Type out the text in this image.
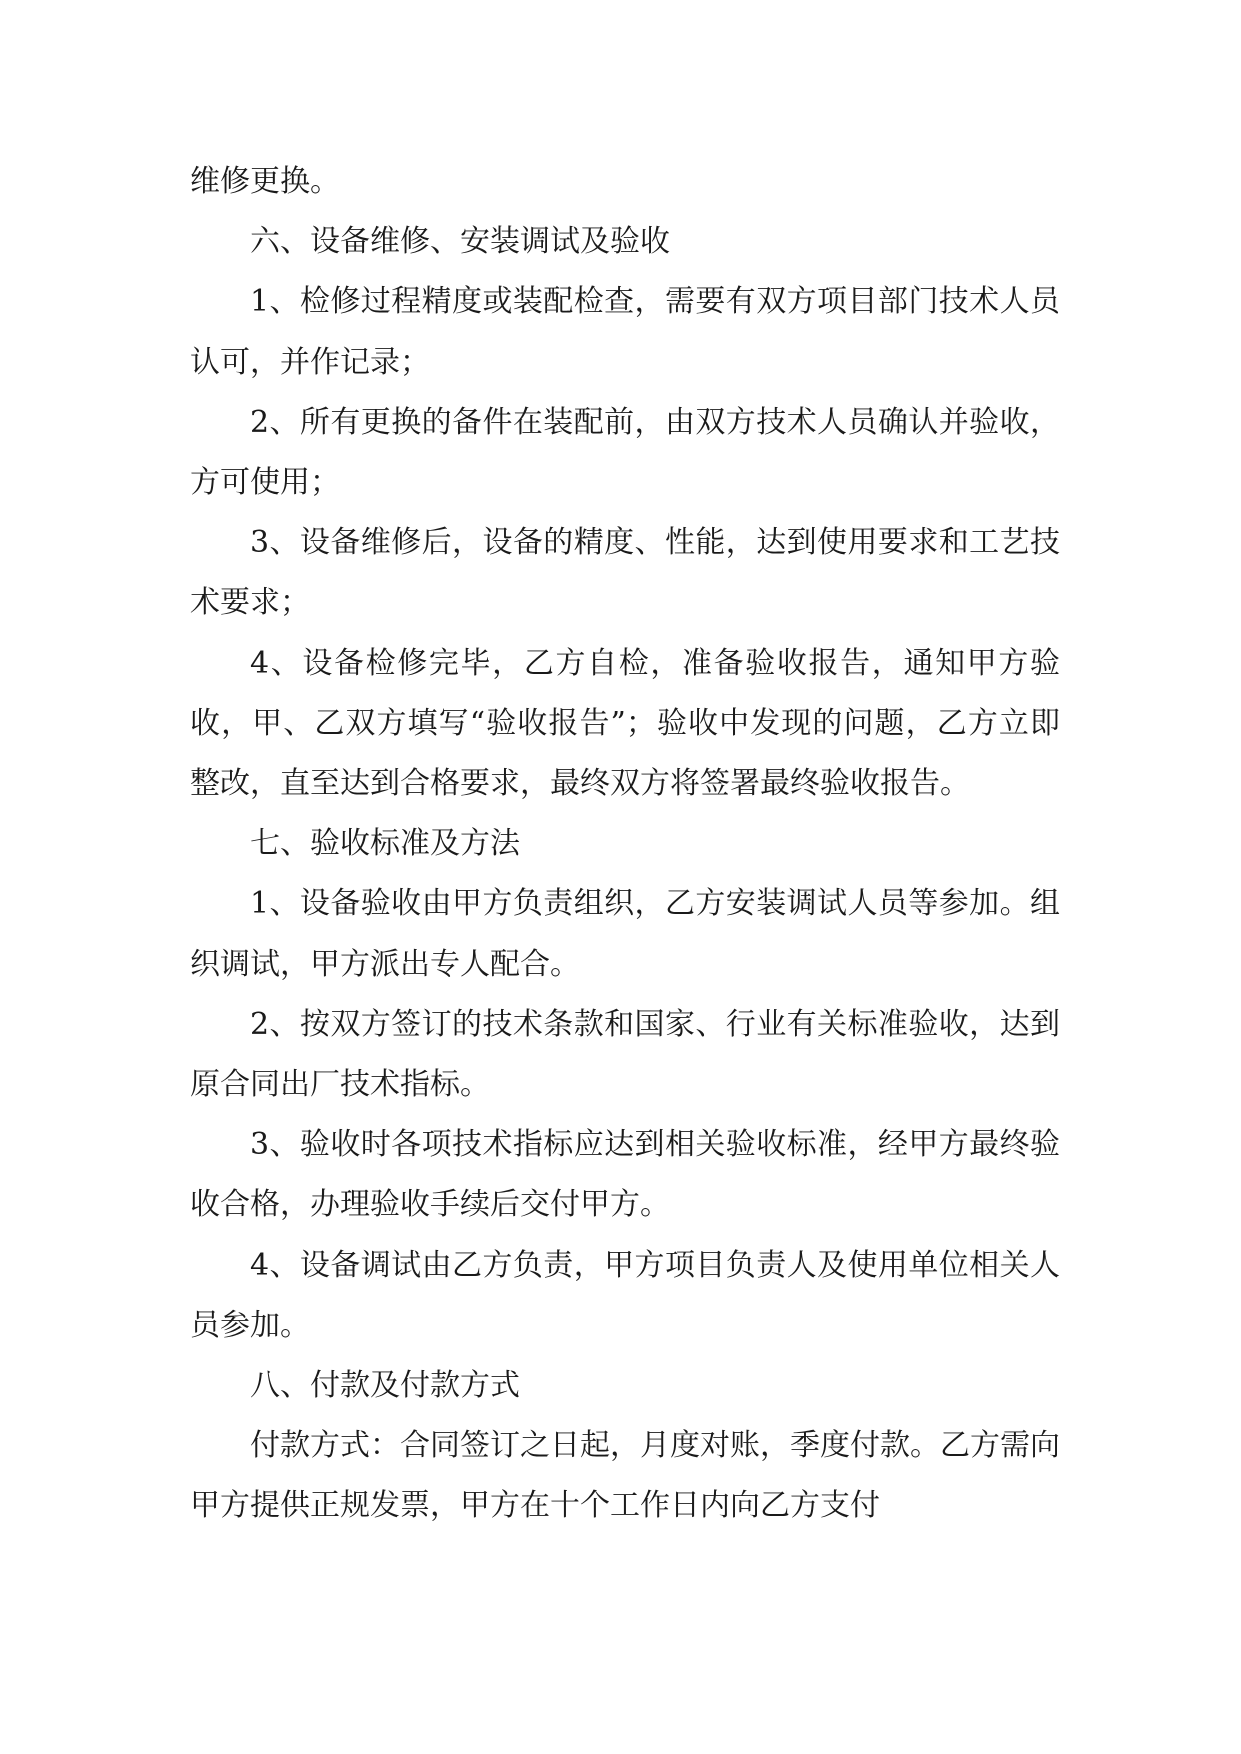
维修更换。

六、设备维修、安装调试及验收

1、检修过程精度或装配检查，需要有双方项目部门技术人员认可，并作记录；

2、所有更换的备件在装配前，由双方技术人员确认并验收，方可使用；

3、设备维修后，设备的精度、性能，达到使用要求和工艺技术要求；

4、设备检修完毕，乙方自检，准备验收报告，通知甲方验收，甲、乙双方填写“验收报告”；验收中发现的问题，乙方立即整改，直至达到合格要求，最终双方将签署最终验收报告。

七、验收标准及方法

1、设备验收由甲方负责组织，乙方安装调试人员等参加。组织调试，甲方派出专人配合。

2、按双方签订的技术条款和国家、行业有关标准验收，达到原合同出厂技术指标。

3、验收时各项技术指标应达到相关验收标准，经甲方最终验收合格，办理验收手续后交付甲方。

4、设备调试由乙方负责，甲方项目负责人及使用单位相关人员参加。

八、付款及付款方式

付款方式：合同签订之日起，月度对账，季度付款。乙方需向甲方提供正规发票，甲方在十个工作日内向乙方支付
